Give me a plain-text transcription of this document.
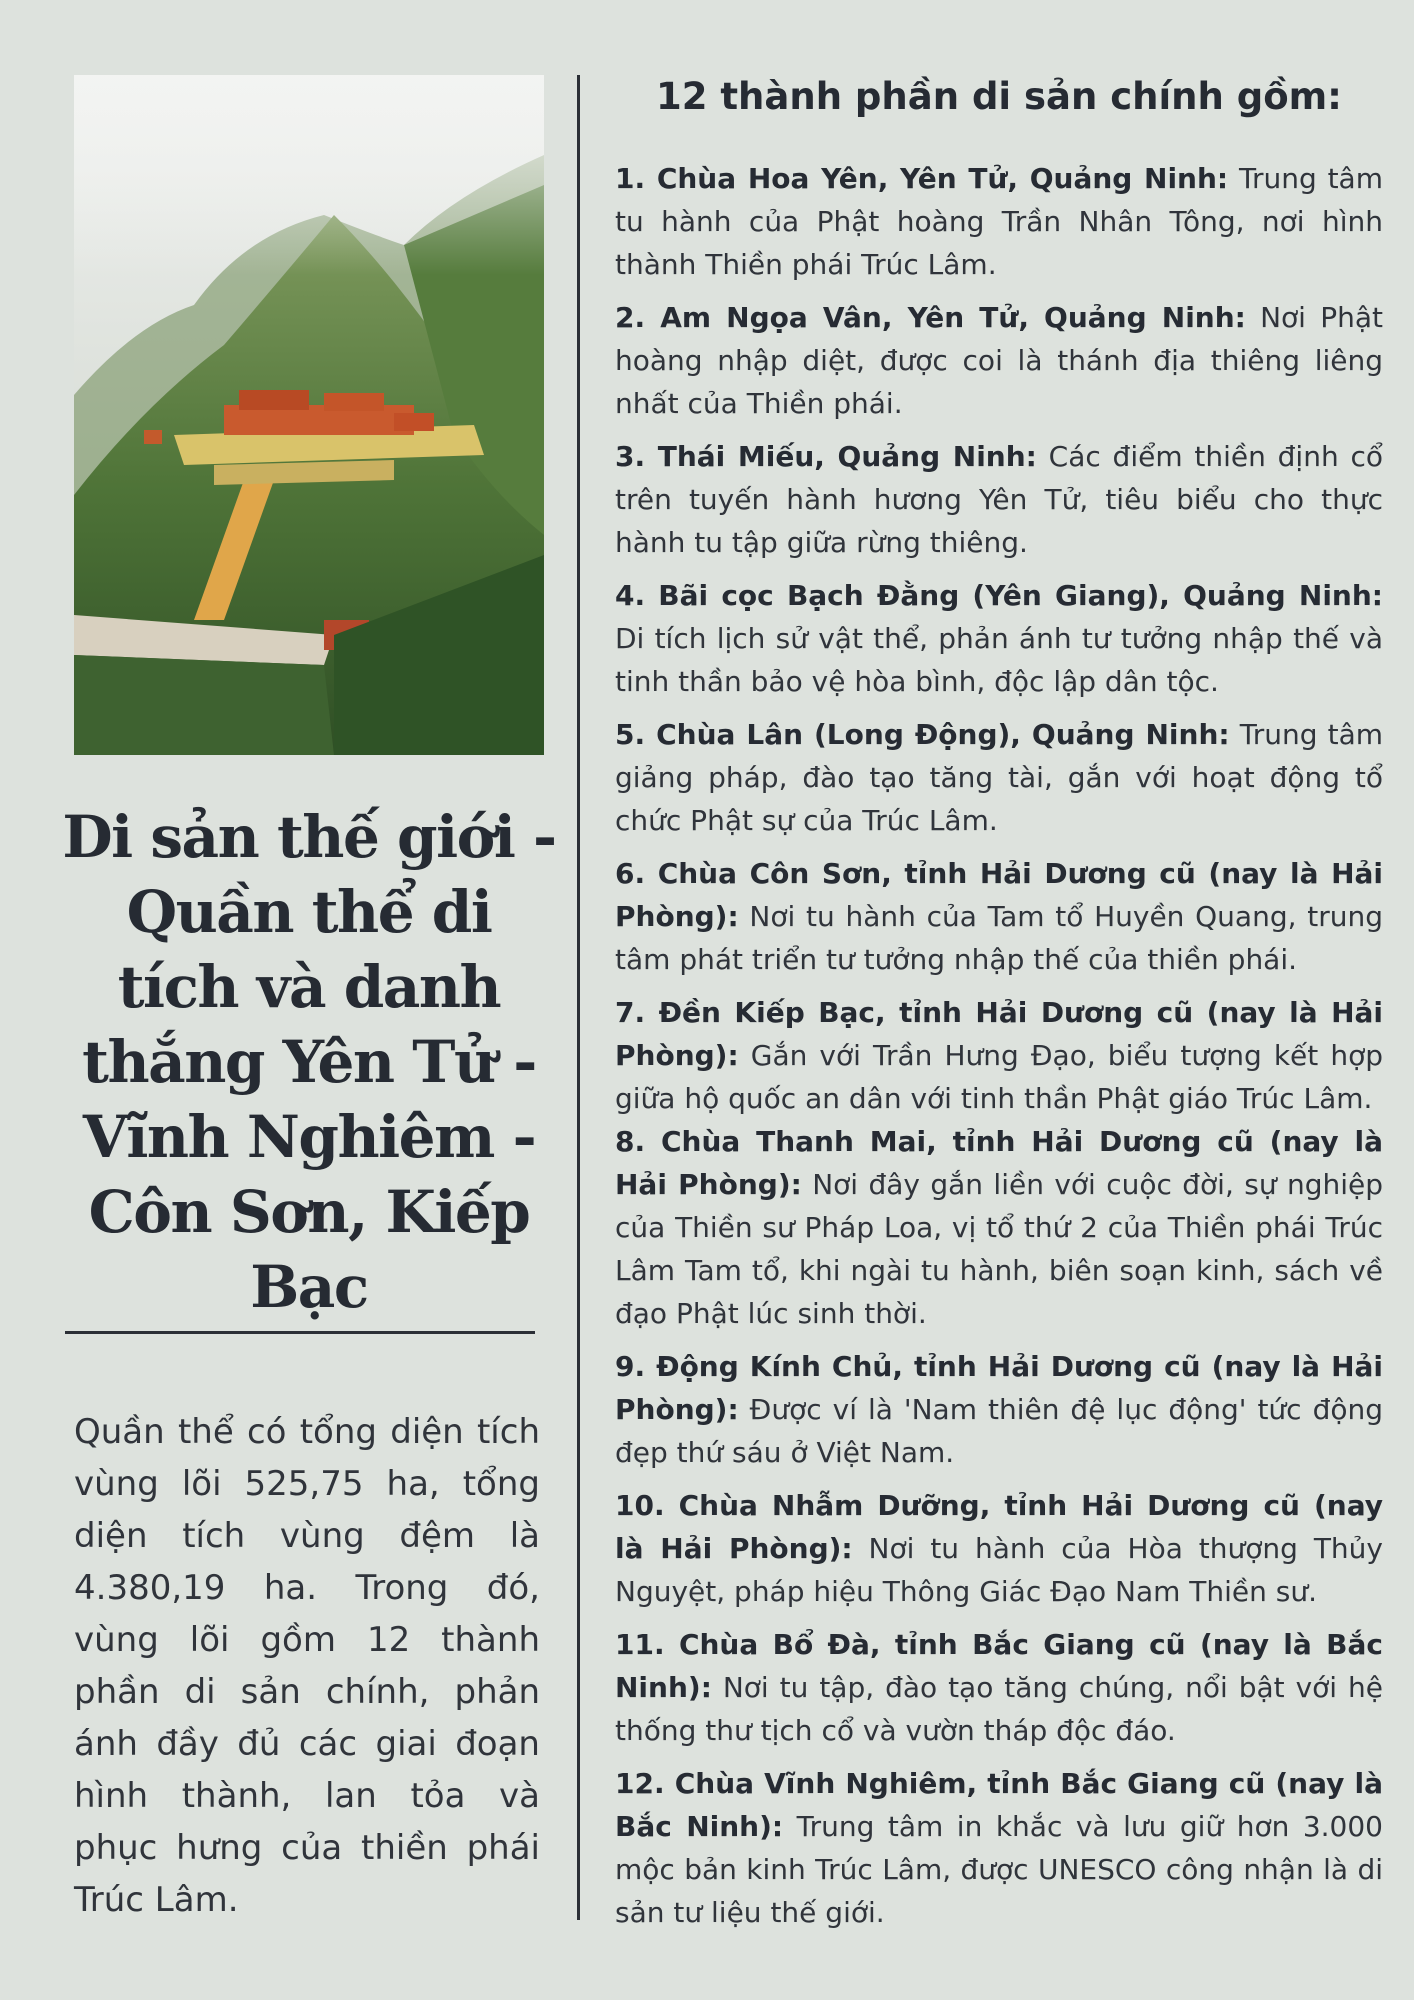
Di sản thế giới - Quần thể di tích và danh thắng Yên Tử - Vĩnh Nghiêm - Côn Sơn, Kiếp Bạc

Quần thể có tổng diện tích vùng lõi 525,75 ha, tổng diện tích vùng đệm là 4.380,19 ha. Trong đó, vùng lõi gồm 12 thành phần di sản chính, phản ánh đầy đủ các giai đoạn hình thành, lan tỏa và phục hưng của thiền phái Trúc Lâm.

12 thành phần di sản chính gồm:
1. Chùa Hoa Yên, Yên Tử, Quảng Ninh: Trung tâm tu hành của Phật hoàng Trần Nhân Tông, nơi hình thành Thiền phái Trúc Lâm.
2. Am Ngọa Vân, Yên Tử, Quảng Ninh: Nơi Phật hoàng nhập diệt, được coi là thánh địa thiêng liêng nhất của Thiền phái.
3. Thái Miếu, Quảng Ninh: Các điểm thiền định cổ trên tuyến hành hương Yên Tử, tiêu biểu cho thực hành tu tập giữa rừng thiêng.
4. Bãi cọc Bạch Đằng (Yên Giang), Quảng Ninh: Di tích lịch sử vật thể, phản ánh tư tưởng nhập thế và tinh thần bảo vệ hòa bình, độc lập dân tộc.
5. Chùa Lân (Long Động), Quảng Ninh: Trung tâm giảng pháp, đào tạo tăng tài, gắn với hoạt động tổ chức Phật sự của Trúc Lâm.
6. Chùa Côn Sơn, tỉnh Hải Dương cũ (nay là Hải Phòng): Nơi tu hành của Tam tổ Huyền Quang, trung tâm phát triển tư tưởng nhập thế của thiền phái.
7. Đền Kiếp Bạc, tỉnh Hải Dương cũ (nay là Hải Phòng): Gắn với Trần Hưng Đạo, biểu tượng kết hợp giữa hộ quốc an dân với tinh thần Phật giáo Trúc Lâm.
8. Chùa Thanh Mai, tỉnh Hải Dương cũ (nay là Hải Phòng): Nơi đây gắn liền với cuộc đời, sự nghiệp của Thiền sư Pháp Loa, vị tổ thứ 2 của Thiền phái Trúc Lâm Tam tổ, khi ngài tu hành, biên soạn kinh, sách về đạo Phật lúc sinh thời.
9. Động Kính Chủ, tỉnh Hải Dương cũ (nay là Hải Phòng): Được ví là 'Nam thiên đệ lục động' tức động đẹp thứ sáu ở Việt Nam.
10. Chùa Nhẫm Dưỡng, tỉnh Hải Dương cũ (nay là Hải Phòng): Nơi tu hành của Hòa thượng Thủy Nguyệt, pháp hiệu Thông Giác Đạo Nam Thiền sư.
11. Chùa Bổ Đà, tỉnh Bắc Giang cũ (nay là Bắc Ninh): Nơi tu tập, đào tạo tăng chúng, nổi bật với hệ thống thư tịch cổ và vườn tháp độc đáo.
12. Chùa Vĩnh Nghiêm, tỉnh Bắc Giang cũ (nay là Bắc Ninh): Trung tâm in khắc và lưu giữ hơn 3.000 mộc bản kinh Trúc Lâm, được UNESCO công nhận là di sản tư liệu thế giới.
